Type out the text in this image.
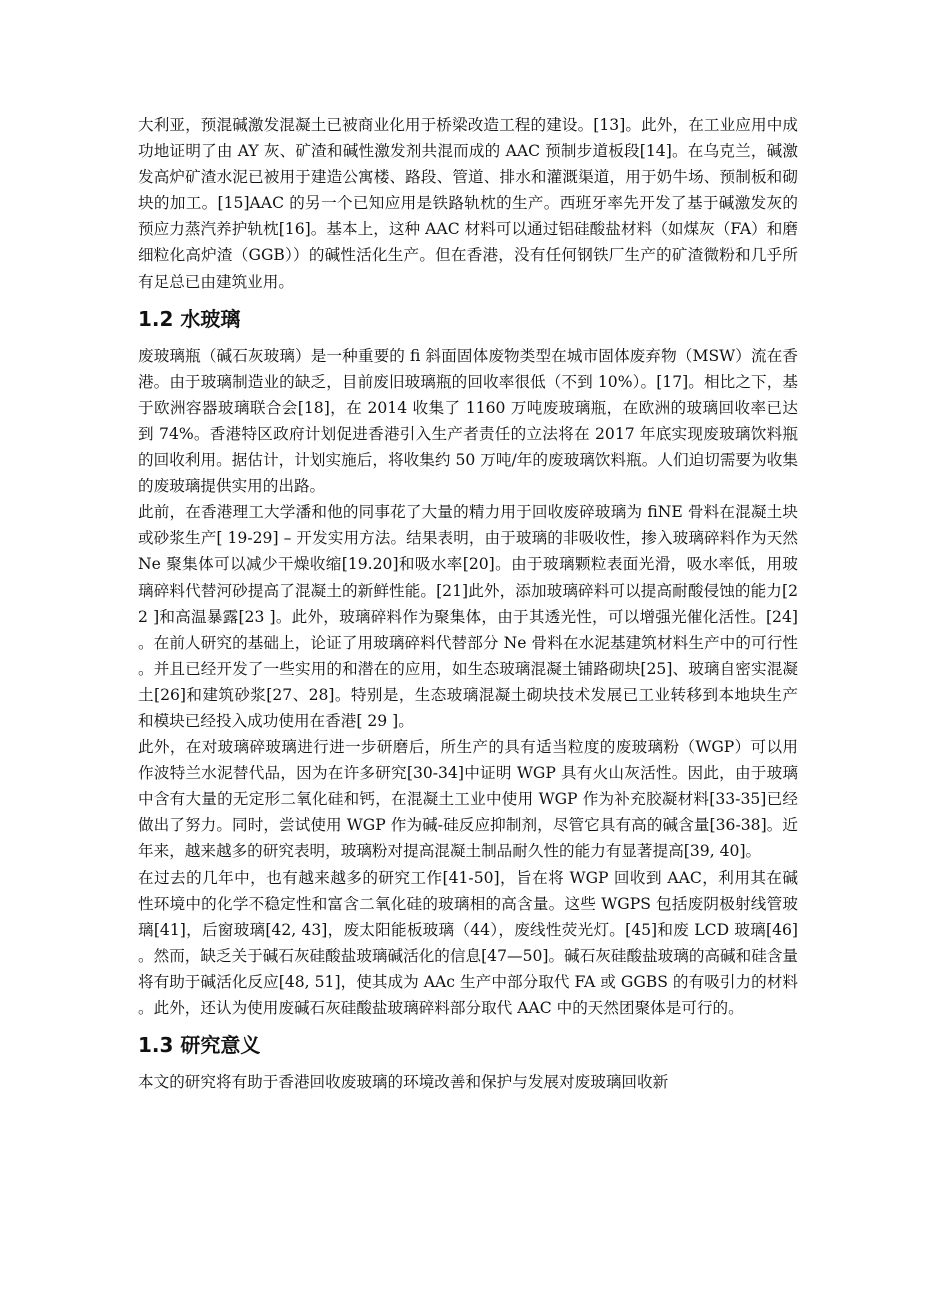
大利亚，预混碱激发混凝土已被商业化用于桥梁改造工程的建设。[13]。此外，在工业应用中成功地证明了由 AY 灰、矿渣和碱性激发剂共混而成的 AAC 预制步道板段[14]。在乌克兰，碱激发高炉矿渣水泥已被用于建造公寓楼、路段、管道、排水和灌溉渠道，用于奶牛场、预制板和砌块的加工。[15]AAC 的另一个已知应用是铁路轨枕的生产。西班牙率先开发了基于碱激发灰的预应力蒸汽养护轨枕[16]。基本上，这种 AAC 材料可以通过铝硅酸盐材料（如煤灰（FA）和磨细粒化高炉渣（GGB））的碱性活化生产。但在香港，没有任何钢铁厂生产的矿渣微粉和几乎所有足总已由建筑业用。

1.2 水玻璃

废玻璃瓶（碱石灰玻璃）是一种重要的 ﬁ 斜面固体废物类型在城市固体废弃物（MSW）流在香港。由于玻璃制造业的缺乏，目前废旧玻璃瓶的回收率很低（不到 10%）。[17]。相比之下，基于欧洲容器玻璃联合会[18]，在 2014 收集了 1160 万吨废玻璃瓶，在欧洲的玻璃回收率已达到 74%。香港特区政府计划促进香港引入生产者责任的立法将在 2017 年底实现废玻璃饮料瓶的回收利用。据估计，计划实施后，将收集约 50 万吨/年的废玻璃饮料瓶。人们迫切需要为收集的废玻璃提供实用的出路。

此前，在香港理工大学潘和他的同事花了大量的精力用于回收废碎玻璃为 ﬁNE 骨料在混凝土块或砂浆生产[ 19-29] – 开发实用方法。结果表明，由于玻璃的非吸收性，掺入玻璃碎料作为天然 Ne 聚集体可以减少干燥收缩[19.20]和吸水率[20]。由于玻璃颗粒表面光滑，吸水率低，用玻璃碎料代替河砂提高了混凝土的新鲜性能。[21]此外，添加玻璃碎料可以提高耐酸侵蚀的能力[22 ]和高温暴露[23 ]。此外，玻璃碎料作为聚集体，由于其透光性，可以增强光催化活性。[24]。在前人研究的基础上，论证了用玻璃碎料代替部分 Ne 骨料在水泥基建筑材料生产中的可行性。并且已经开发了一些实用的和潜在的应用，如生态玻璃混凝土铺路砌块[25]、玻璃自密实混凝土[26]和建筑砂浆[27、28]。特别是，生态玻璃混凝土砌块技术发展已工业转移到本地块生产和模块已经投入成功使用在香港[ 29 ]。

此外，在对玻璃碎玻璃进行进一步研磨后，所生产的具有适当粒度的废玻璃粉（WGP）可以用作波特兰水泥替代品，因为在许多研究[30-34]中证明 WGP 具有火山灰活性。因此，由于玻璃中含有大量的无定形二氧化硅和钙，在混凝土工业中使用 WGP 作为补充胶凝材料[33-35]已经做出了努力。同时，尝试使用 WGP 作为碱-硅反应抑制剂，尽管它具有高的碱含量[36-38]。近年来，越来越多的研究表明，玻璃粉对提高混凝土制品耐久性的能力有显著提高[39, 40]。

在过去的几年中，也有越来越多的研究工作[41-50]，旨在将 WGP 回收到 AAC，利用其在碱性环境中的化学不稳定性和富含二氧化硅的玻璃相的高含量。这些 WGPS 包括废阴极射线管玻璃[41]，后窗玻璃[42, 43]，废太阳能板玻璃（44），废线性荧光灯。[45]和废 LCD 玻璃[46]。然而，缺乏关于碱石灰硅酸盐玻璃碱活化的信息[47—50]。碱石灰硅酸盐玻璃的高碱和硅含量将有助于碱活化反应[48, 51]，使其成为 AAc 生产中部分取代 FA 或 GGBS 的有吸引力的材料。此外，还认为使用废碱石灰硅酸盐玻璃碎料部分取代 AAC 中的天然团聚体是可行的。

1.3 研究意义

本文的研究将有助于香港回收废玻璃的环境改善和保护与发展对废玻璃回收新
